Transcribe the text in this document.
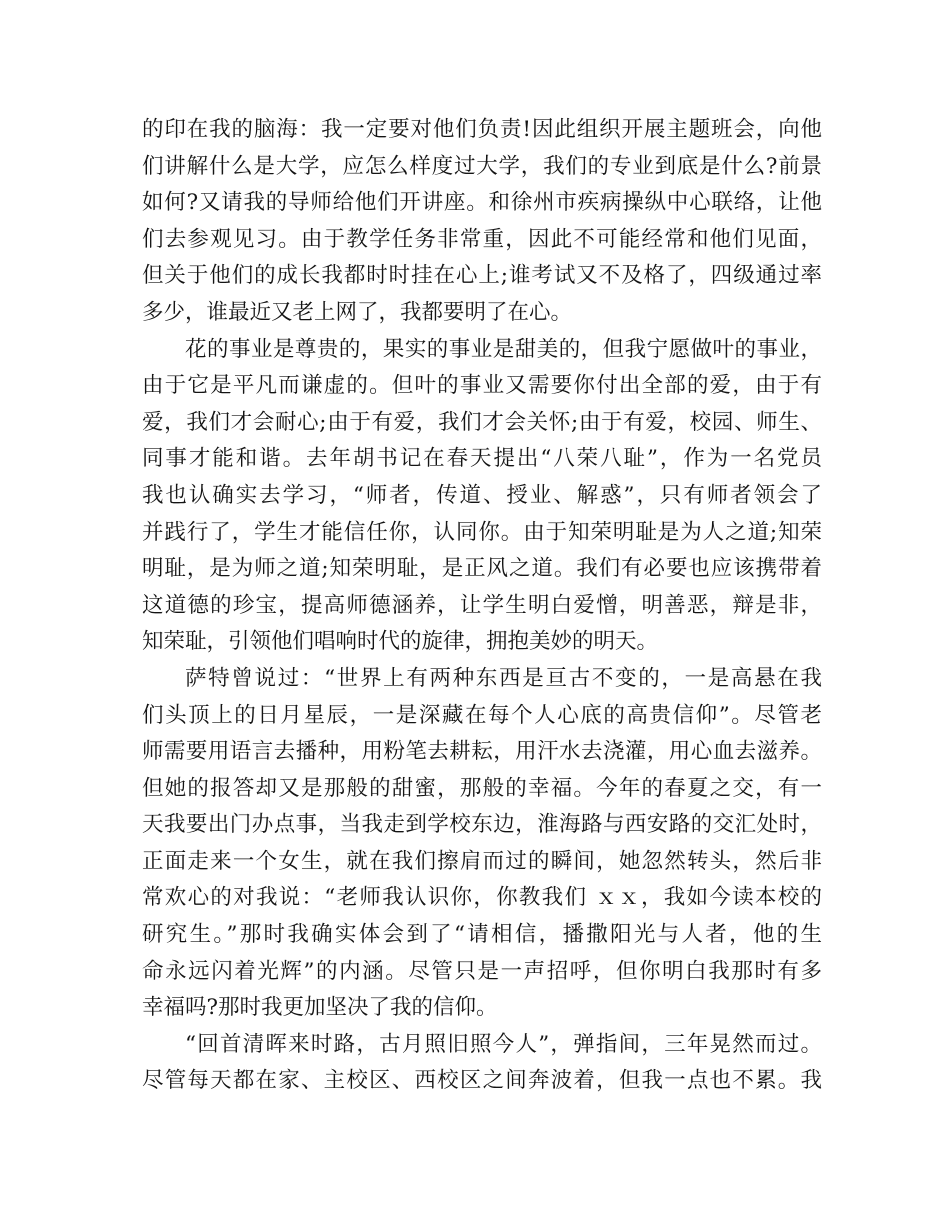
的印在我的脑海：我一定要对他们负责!因此组织开展主题班会，向他
们讲解什么是大学，应怎么样度过大学，我们的专业到底是什么?前景
如何?又请我的导师给他们开讲座。和徐州市疾病操纵中心联络，让他
们去参观见习。由于教学任务非常重，因此不可能经常和他们见面，
但关于他们的成长我都时时挂在心上;谁考试又不及格了，四级通过率
多少，谁最近又老上网了，我都要明了在心。
花的事业是尊贵的，果实的事业是甜美的，但我宁愿做叶的事业，
由于它是平凡而谦虚的。但叶的事业又需要你付出全部的爱，由于有
爱，我们才会耐心;由于有爱，我们才会关怀;由于有爱，校园、师生、
同事才能和谐。去年胡书记在春天提出“八荣八耻”，作为一名党员
我也认确实去学习，“师者，传道、授业、解惑”，只有师者领会了
并践行了，学生才能信任你，认同你。由于知荣明耻是为人之道;知荣
明耻，是为师之道;知荣明耻，是正风之道。我们有必要也应该携带着
这道德的珍宝，提高师德涵养，让学生明白爱憎，明善恶，辩是非，
知荣耻，引领他们唱响时代的旋律，拥抱美妙的明天。
萨特曾说过：“世界上有两种东西是亘古不变的，一是高悬在我
们头顶上的日月星辰，一是深藏在每个人心底的高贵信仰”。尽管老
师需要用语言去播种，用粉笔去耕耘，用汗水去浇灌，用心血去滋养。
但她的报答却又是那般的甜蜜，那般的幸福。今年的春夏之交，有一
天我要出门办点事，当我走到学校东边，淮海路与西安路的交汇处时，
正面走来一个女生，就在我们擦肩而过的瞬间，她忽然转头，然后非
常欢心的对我说：“老师我认识你，你教我们 ｘｘ，我如今读本校的
研究生。”那时我确实体会到了“请相信，播撒阳光与人者，他的生
命永远闪着光辉”的内涵。尽管只是一声招呼，但你明白我那时有多
幸福吗?那时我更加坚决了我的信仰。
“回首清晖来时路，古月照旧照今人”，弹指间，三年晃然而过。
尽管每天都在家、主校区、西校区之间奔波着，但我一点也不累。我
